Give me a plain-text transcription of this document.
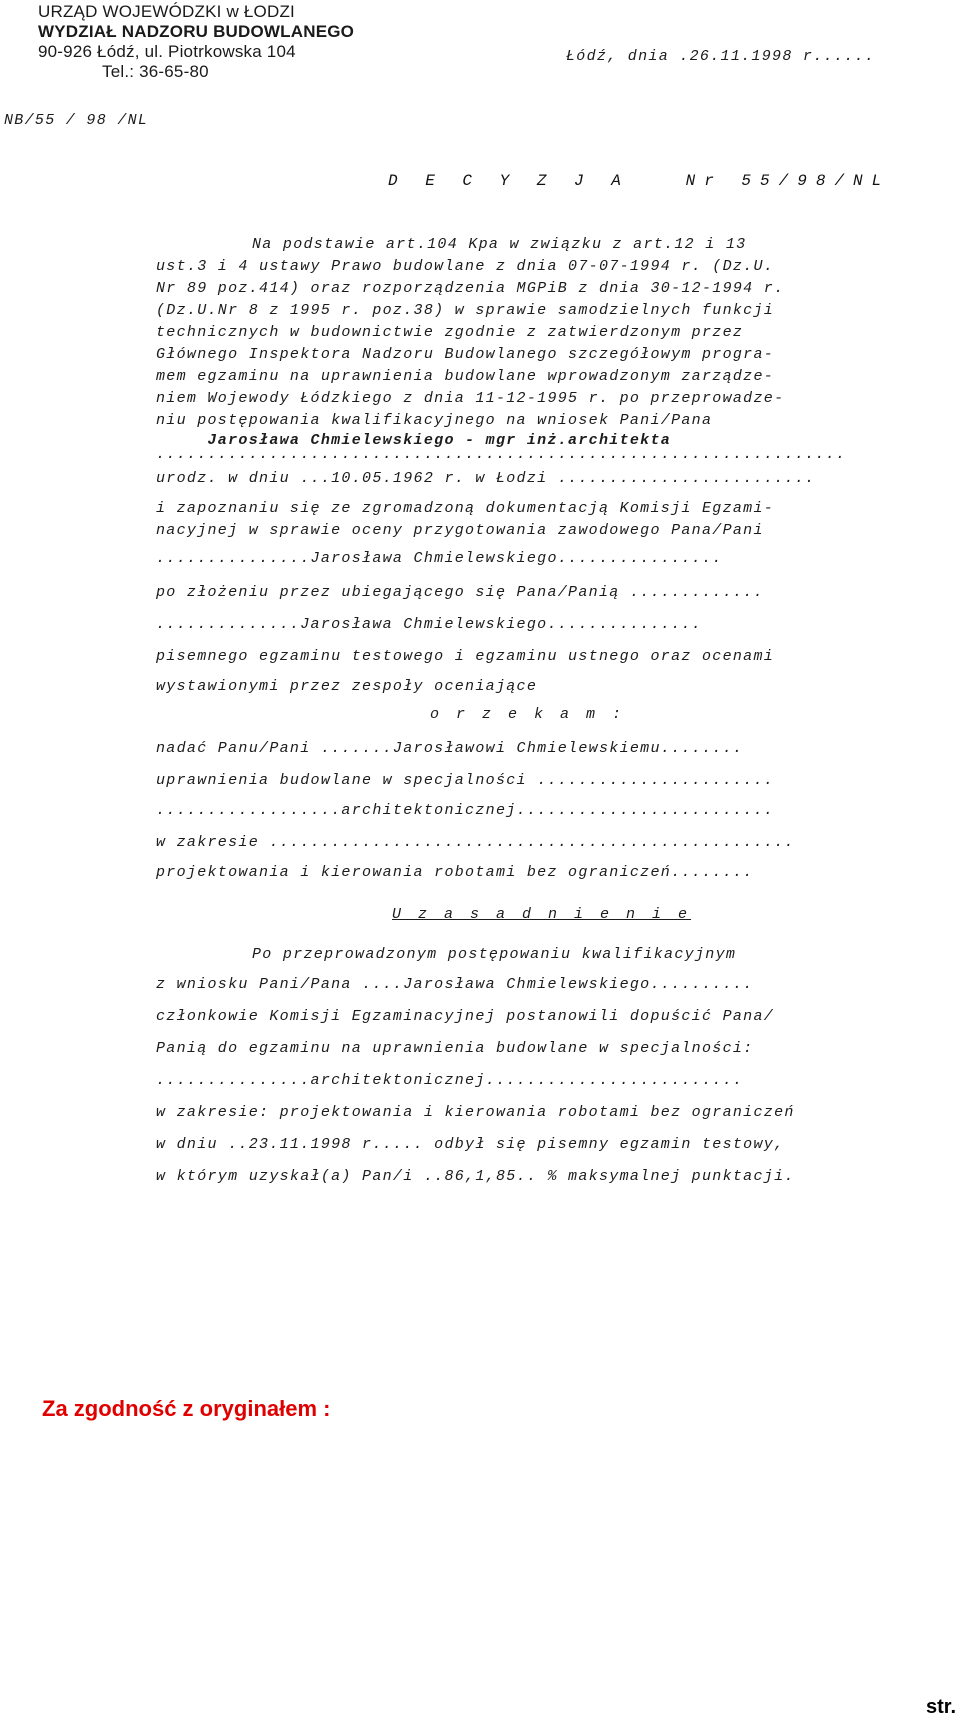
URZĄD WOJEWÓDZKI w ŁODZI
WYDZIAŁ NADZORU BUDOWLANEGO
90-926 Łódź, ul. Piotrkowska 104
Tel.: 36-65-80
Łódź, dnia .26.11.1998 r......
NB/55 / 98 /NL
D E C Y Z J A   Nr 55/98/NL
Na podstawie art.104 Kpa w związku z art.12 i 13
ust.3 i 4 ustawy Prawo budowlane z dnia 07-07-1994 r. (Dz.U.
Nr 89 poz.414) oraz rozporządzenia MGPiB z dnia 30-12-1994 r.
(Dz.U.Nr 8 z 1995 r. poz.38) w sprawie samodzielnych funkcji
technicznych w budownictwie zgodnie z zatwierdzonym przez
Głównego Inspektora Nadzoru Budowlanego szczegółowym progra-
mem egzaminu na uprawnienia budowlane wprowadzonym zarządze-
niem Wojewody Łódzkiego z dnia 11-12-1995 r. po przeprowadze-
niu postępowania kwalifikacyjnego na wniosek Pani/Pana
Jarosława Chmielewskiego - mgr inż.architekta
...................................................................
urodz. w dniu ...10.05.1962 r. w Łodzi .........................
i zapoznaniu się ze zgromadzoną dokumentacją Komisji Egzami-
nacyjnej w sprawie oceny przygotowania zawodowego Pana/Pani
...............Jarosława Chmielewskiego................
po złożeniu przez ubiegającego się Pana/Panią .............
..............Jarosława Chmielewskiego...............
pisemnego egzaminu testowego i egzaminu ustnego oraz ocenami
wystawionymi przez zespoły oceniające
o r z e k a m :
nadać Panu/Pani .......Jarosławowi Chmielewskiemu........
uprawnienia budowlane w specjalności .......................
..................architektonicznej.........................
w zakresie ...................................................
projektowania i kierowania robotami bez ograniczeń........
U z a s a d n i e n i e
Po przeprowadzonym postępowaniu kwalifikacyjnym
z wniosku Pani/Pana ....Jarosława Chmielewskiego..........
członkowie Komisji Egzaminacyjnej postanowili dopuścić Pana/
Panią do egzaminu na uprawnienia budowlane w specjalności:
...............architektonicznej.........................
w zakresie: projektowania i kierowania robotami bez ograniczeń
w dniu ..23.11.1998 r..... odbył się pisemny egzamin testowy,
w którym uzyskał(a) Pan/i ..86,1,85.. % maksymalnej punktacji.
Za zgodność z oryginałem :
str.
